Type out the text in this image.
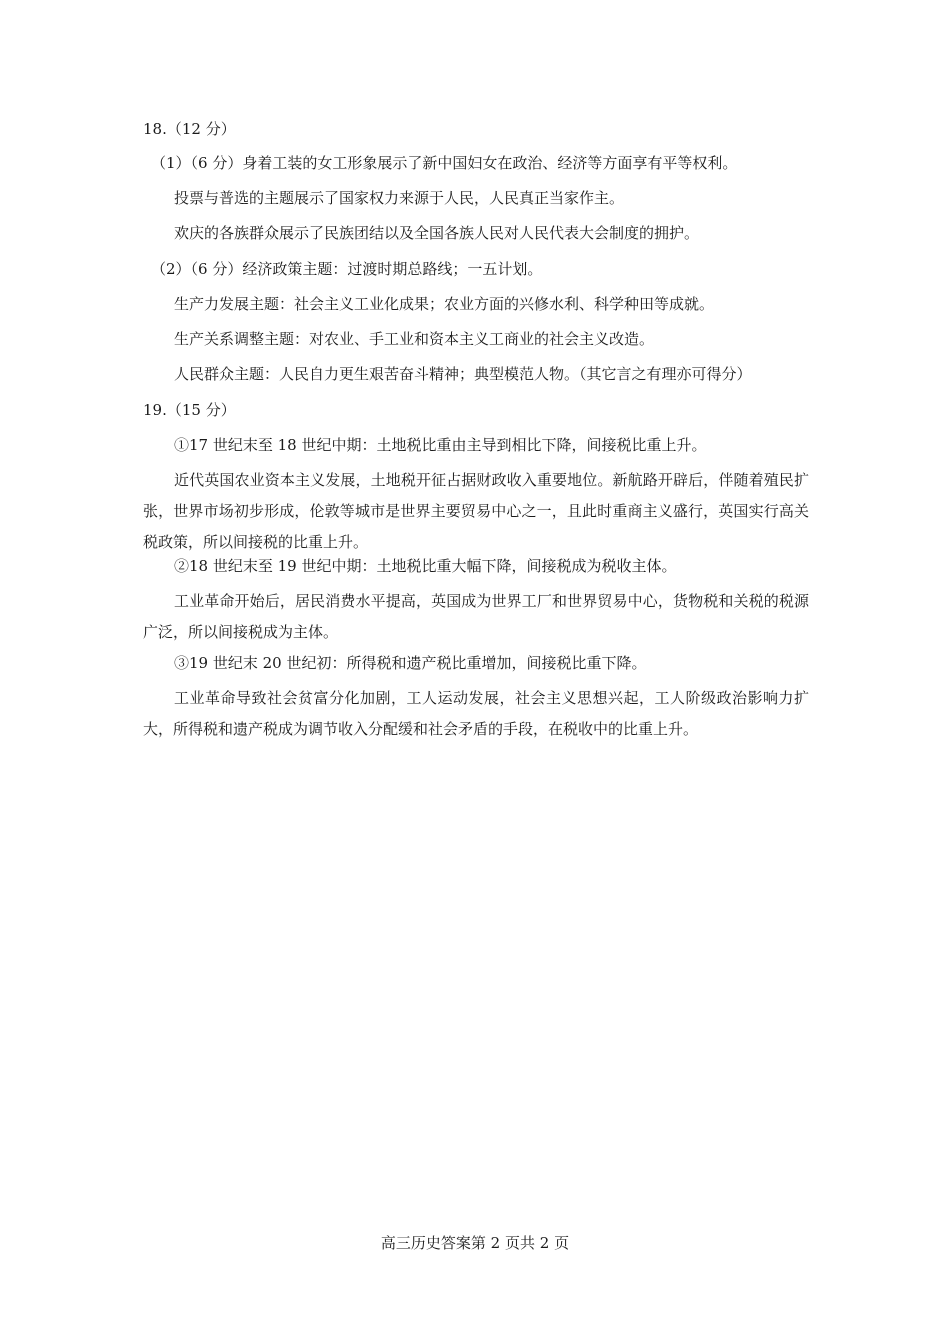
18.（12 分）
（1）（6 分）身着工装的女工形象展示了新中国妇女在政治、经济等方面享有平等权利。
投票与普选的主题展示了国家权力来源于人民，人民真正当家作主。
欢庆的各族群众展示了民族团结以及全国各族人民对人民代表大会制度的拥护。
（2）（6 分）经济政策主题：过渡时期总路线；一五计划。
生产力发展主题：社会主义工业化成果；农业方面的兴修水利、科学种田等成就。
生产关系调整主题：对农业、手工业和资本主义工商业的社会主义改造。
人民群众主题：人民自力更生艰苦奋斗精神；典型模范人物。（其它言之有理亦可得分）
19.（15 分）
①17 世纪末至 18 世纪中期：土地税比重由主导到相比下降，间接税比重上升。
近代英国农业资本主义发展，土地税开征占据财政收入重要地位。新航路开辟后，伴随着殖民扩张，世界市场初步形成，伦敦等城市是世界主要贸易中心之一，且此时重商主义盛行，英国实行高关税政策，所以间接税的比重上升。
②18 世纪末至 19 世纪中期：土地税比重大幅下降，间接税成为税收主体。
工业革命开始后，居民消费水平提高，英国成为世界工厂和世界贸易中心，货物税和关税的税源广泛，所以间接税成为主体。
③19 世纪末 20 世纪初：所得税和遗产税比重增加，间接税比重下降。
工业革命导致社会贫富分化加剧，工人运动发展，社会主义思想兴起，工人阶级政治影响力扩大，所得税和遗产税成为调节收入分配缓和社会矛盾的手段，在税收中的比重上升。
高三历史答案第 2 页共 2 页
